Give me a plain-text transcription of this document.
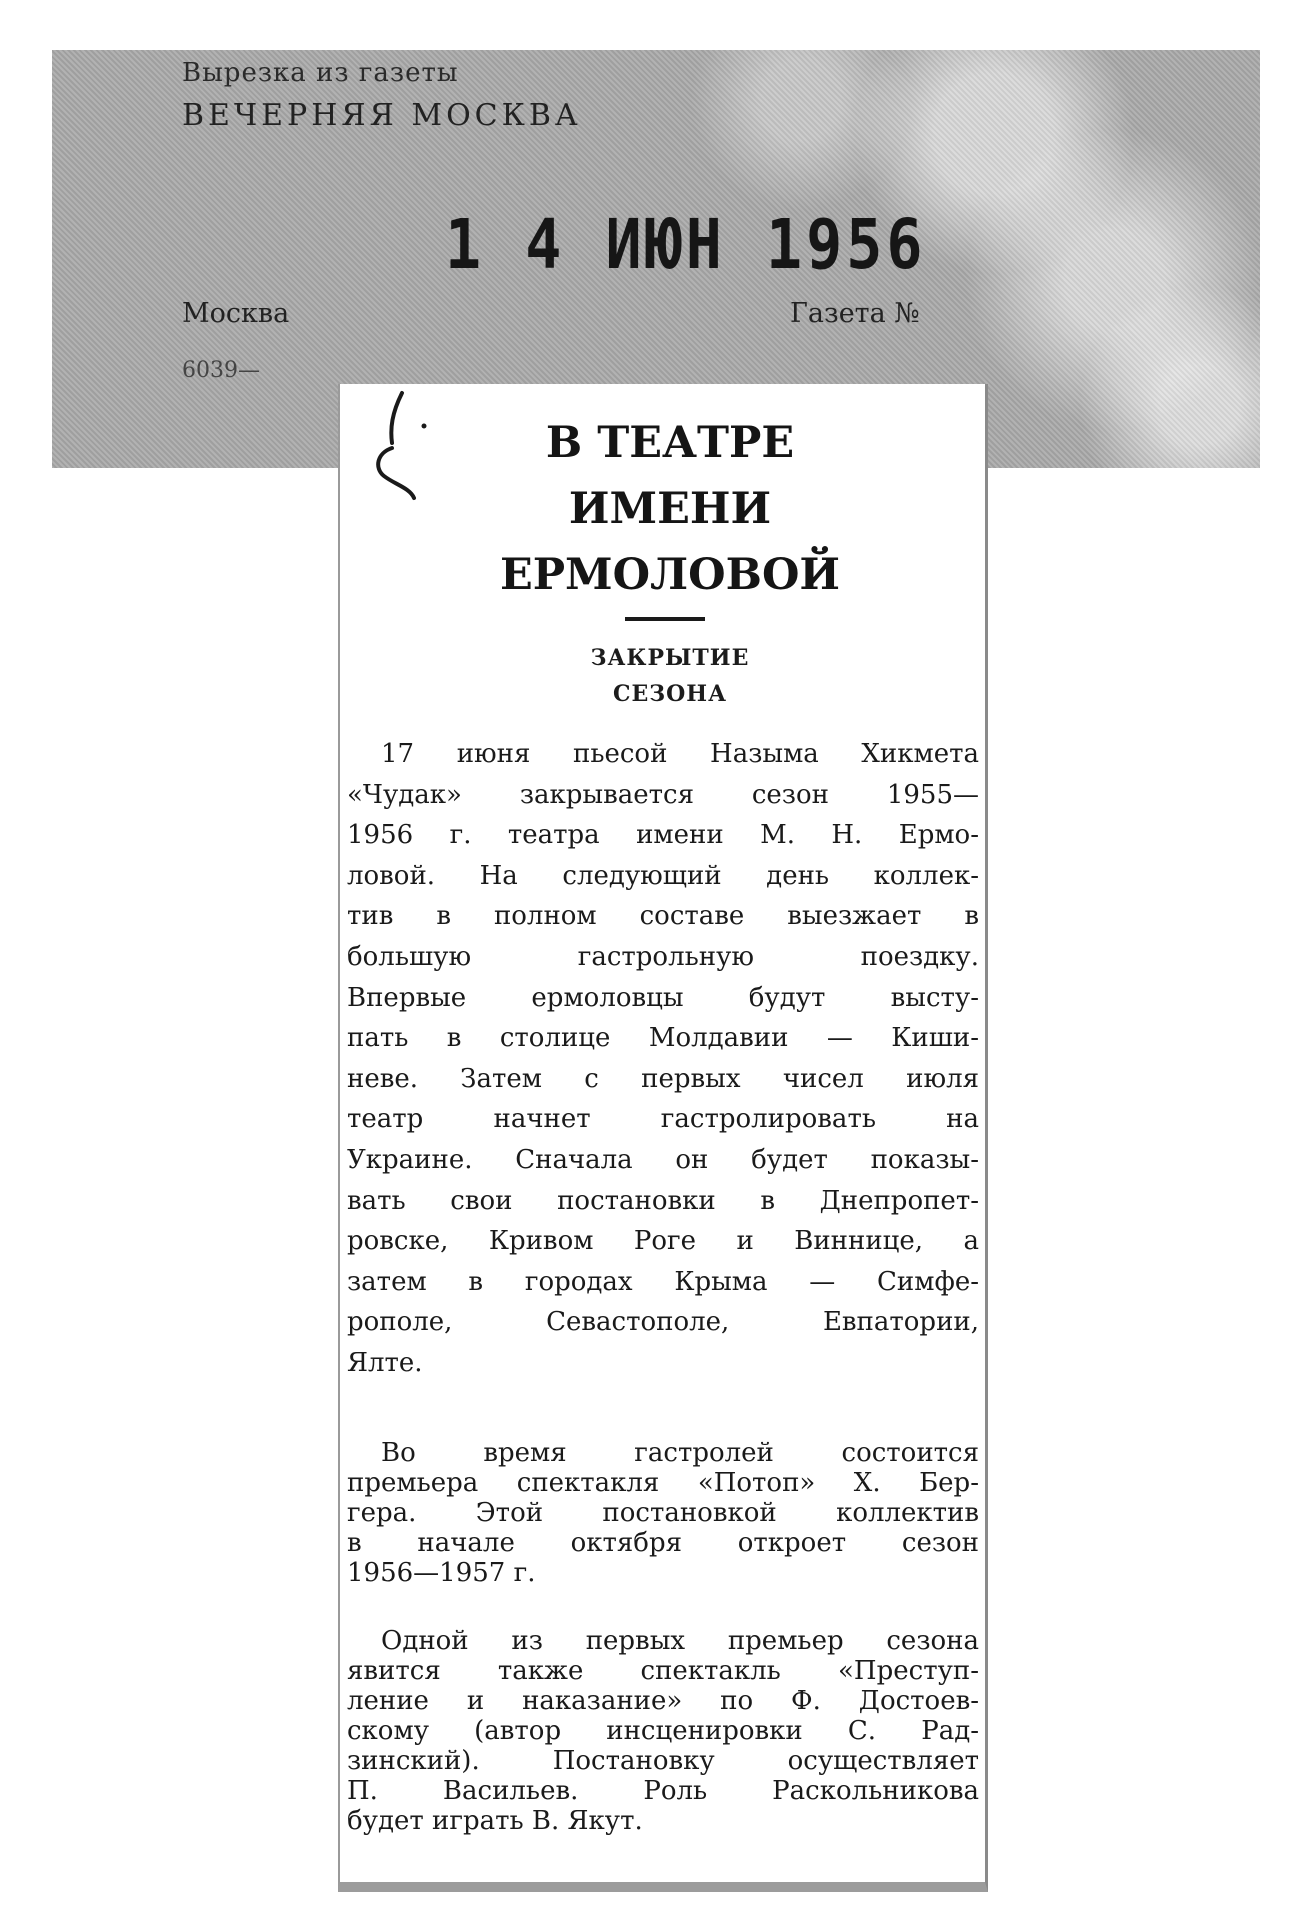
Вырезка из газеты
ВЕЧЕРНЯЯ МОСКВА
1 4 ИЮН 1956
Москва	Газета №
6039—
В ТЕАТРЕ
ИМЕНИ
ЕРМОЛОВОЙ
ЗАКРЫТИЕ
СЕЗОНА
17 июня пьесой Назыма Хикмета
«Чудак» закрывается сезон 1955—
1956 г. театра имени М. Н. Ермо-
ловой. На следующий день коллек-
тив в полном составе выезжает в
большую гастрольную поездку.
Впервые ермоловцы будут высту-
пать в столице Молдавии — Киши-
неве. Затем с первых чисел июля
театр начнет гастролировать на
Украине. Сначала он будет показы-
вать свои постановки в Днепропет-
ровске, Кривом Роге и Виннице, а
затем в городах Крыма — Симфе-
рополе, Севастополе, Евпатории,
Ялте.
Во время гастролей состоится
премьера спектакля «Потоп» Х. Бер-
гера. Этой постановкой коллектив
в начале октября откроет сезон
1956—1957 г.
Одной из первых премьер сезона
явится также спектакль «Преступ-
ление и наказание» по Ф. Достоев-
скому (автор инсценировки С. Рад-
зинский). Постановку осуществляет
П. Васильев. Роль Раскольникова
будет играть В. Якут.
